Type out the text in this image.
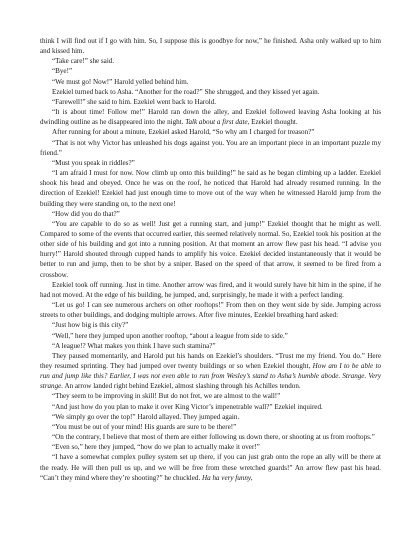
think I will find out if I go with him. So, I suppose this is goodbye for now,” he finished. Asha only walked up to him and kissed him.

“Take care!” she said.

“Bye!”

“We must go! Now!” Harold yelled behind him.

Ezekiel turned back to Asha. “Another for the road?” She shrugged, and they kissed yet again.

“Farewell!” she said to him. Ezekiel went back to Harold.

“It is about time! Follow me!” Harold ran down the alley, and Ezekiel followed leaving Asha looking at his dwindling outline as he disappeared into the night. Talk about a first date, Ezekiel thought.

After running for about a minute, Ezekiel asked Harold, “So why am I charged for treason?”

“That is not why Victor has unleashed his dogs against you. You are an important piece in an important puzzle my friend.”

“Must you speak in riddles?”

“I am afraid I must for now. Now climb up onto this building!” he said as he began climbing up a ladder. Ezekiel shook his head and obeyed. Once he was on the roof, he noticed that Harold had already resumed running. In the direction of Ezekiel! Ezekiel had just enough time to move out of the way when he witnessed Harold jump from the building they were standing on, to the next one!

“How did you do that?”

“You are capable to do so as well! Just get a running start, and jump!” Ezekiel thought that he might as well. Compared to some of the events that occurred earlier, this seemed relatively normal. So, Ezekiel took his position at the other side of his building and got into a running position. At that moment an arrow flew past his head. “I advise you hurry!” Harold shouted through cupped hands to amplify his voice. Ezekiel decided instantaneously that it would be better to run and jump, then to be shot by a sniper. Based on the speed of that arrow, it seemed to be fired from a crossbow.

Ezekiel took off running. Just in time. Another arrow was fired, and it would surely have hit him in the spine, if he had not moved. At the edge of his building, he jumped, and, surprisingly, he made it with a perfect landing.

“Let us go! I can see numerous archers on other rooftops!” From then on they went side by side. Jumping across streets to other buildings, and dodging multiple arrows. After five minutes, Ezekiel breathing hard asked:

“Just how big is this city?”

“Well,” here they jumped upon another rooftop, “about a league from side to side.”

“A league!? What makes you think I have such stamina?”

They paused momentarily, and Harold put his hands on Ezekiel’s shoulders. “Trust me my friend. You do.” Here they resumed sprinting. They had jumped over twenty buildings or so when Ezekiel thought, How am I to be able to run and jump like this? Earlier, I was not even able to run from Wesley’s stand to Asha’s humble abode. Strange. Very strange. An arrow landed right behind Ezekiel, almost slashing through his Achilles tendon.

“They seem to be improving in skill! But do not fret, we are almost to the wall!”

“And just how do you plan to make it over King Victor’s impenetrable wall?” Ezekiel inquired.

“We simply go over the top!” Harold allayed. They jumped again.

“You must be out of your mind! His guards are sure to be there!”

“On the contrary, I believe that most of them are either following us down there, or shooting at us from rooftops.”

“Even so,” here they jumped, “how do we plan to actually make it over!”

“I have a somewhat complex pulley system set up there, if you can just grab onto the rope an ally will be there at the ready. He will then pull us up, and we will be free from these wretched guards!” An arrow flew past his head. “Can’t they mind where they’re shooting?” he chuckled. Ha ha very funny,
